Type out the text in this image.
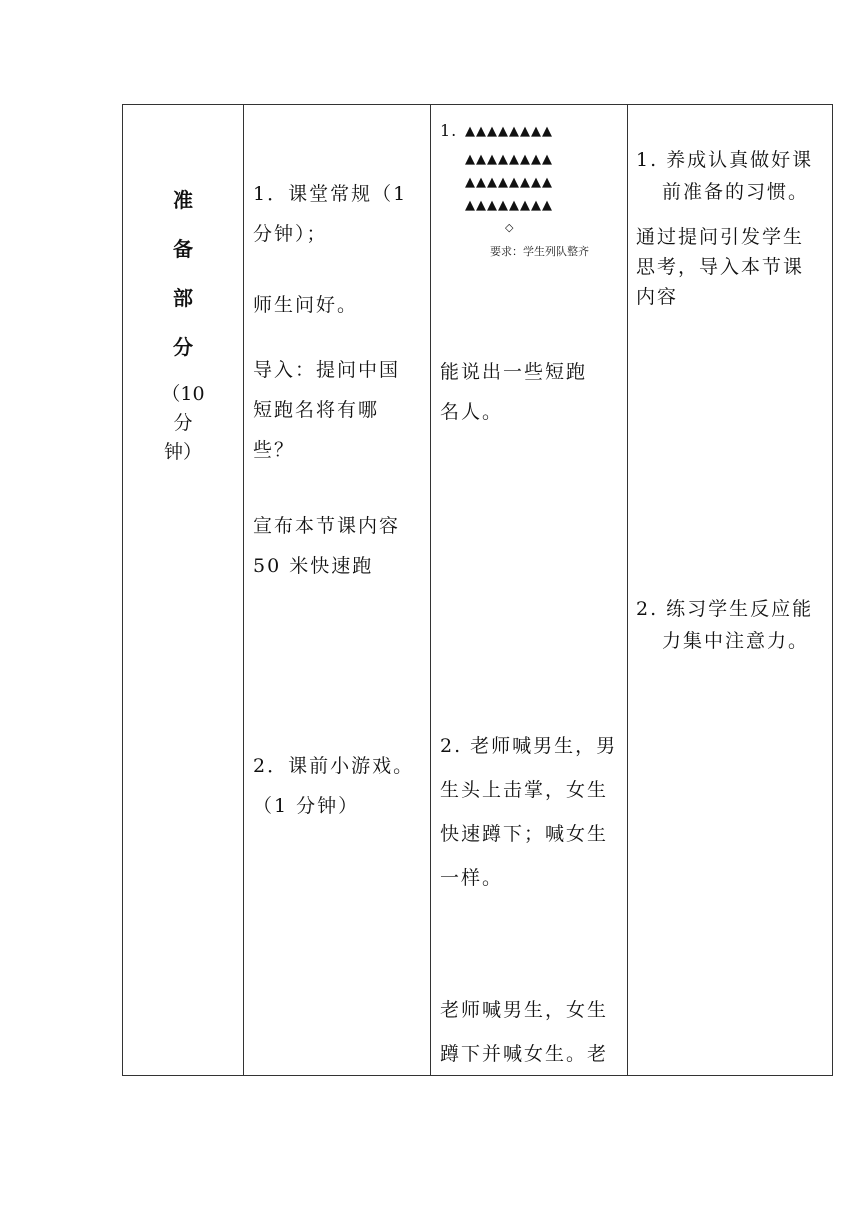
准
备
部
分
（10 分
钟）
1．课堂常规（1
分钟）；
师生问好。
导入：提问中国
短跑名将有哪
些？
宣布本节课内容
50 米快速跑
2．课前小游戏。
（1 分钟）
1. ▲▲▲▲▲▲▲▲
▲▲▲▲▲▲▲▲
▲▲▲▲▲▲▲▲
▲▲▲▲▲▲▲▲
◇
要求：学生列队整齐
能说出一些短跑
名人。
2. 老师喊男生，男
生头上击掌，女生
快速蹲下；喊女生
一样。
老师喊男生，女生
蹲下并喊女生。老
1. 养成认真做好课
前准备的习惯。
通过提问引发学生
思考，导入本节课
内容
2. 练习学生反应能
力集中注意力。
